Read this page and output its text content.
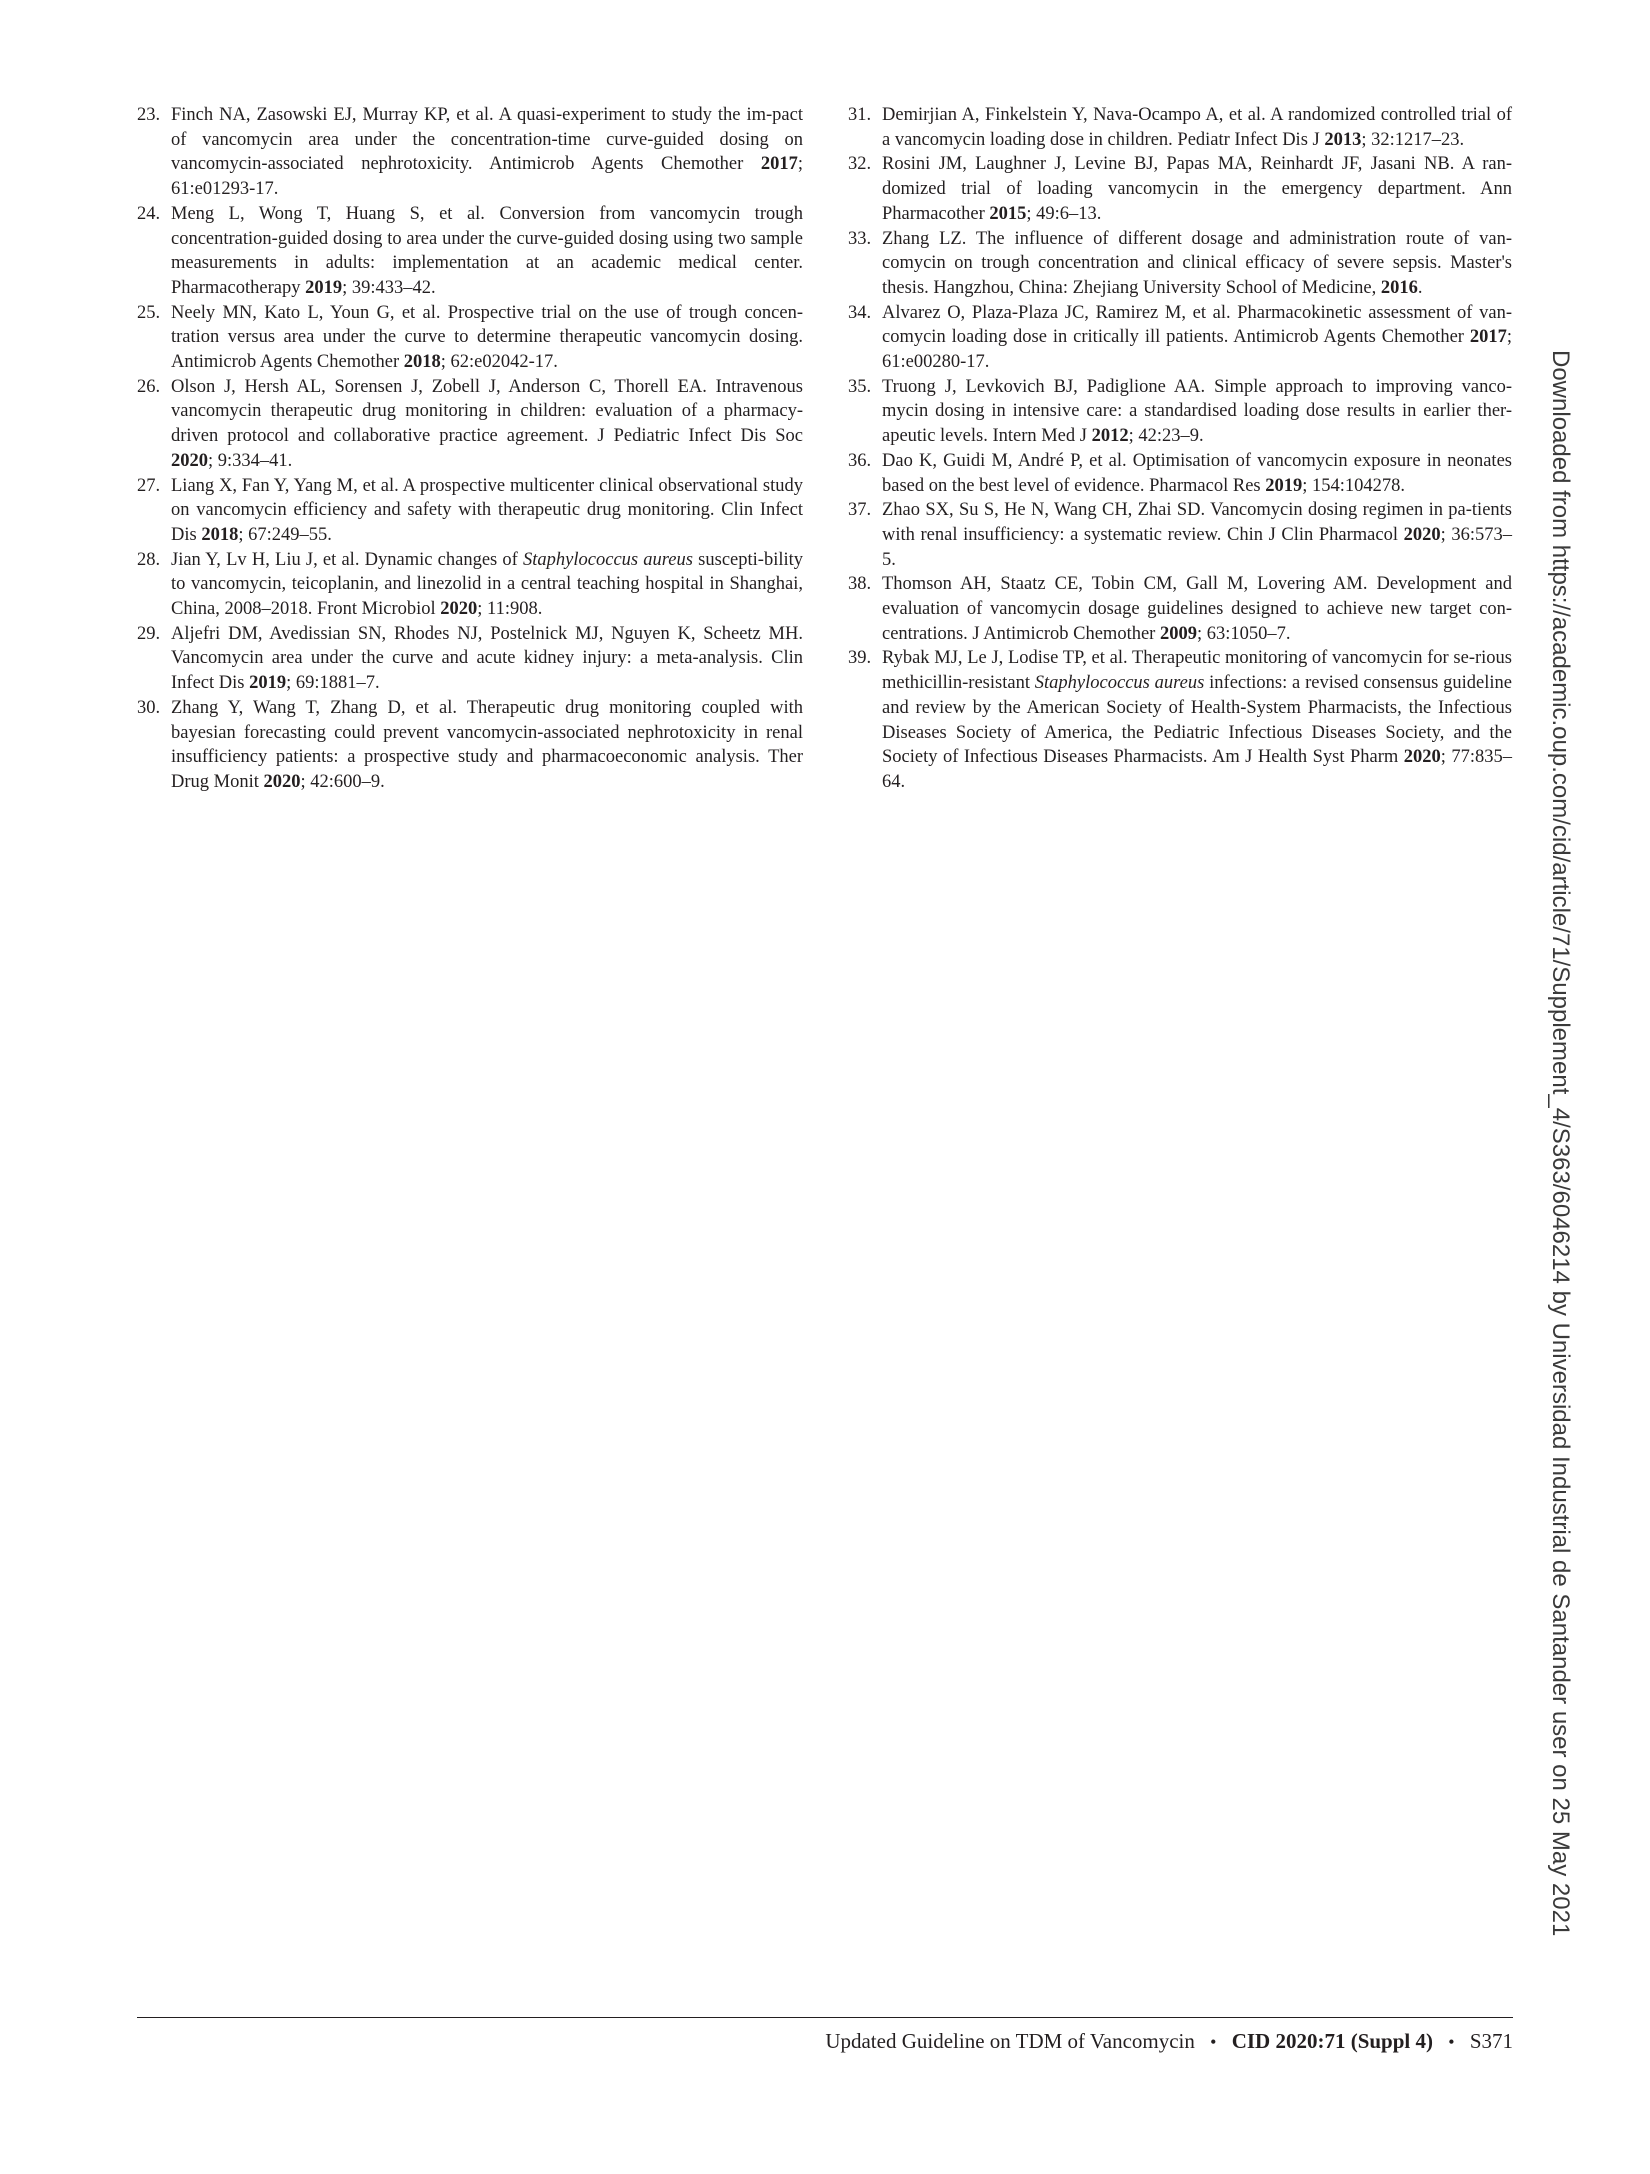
23. Finch NA, Zasowski EJ, Murray KP, et al. A quasi-experiment to study the im-pact of vancomycin area under the concentration-time curve-guided dosing on vancomycin-associated nephrotoxicity. Antimicrob Agents Chemother 2017; 61:e01293-17.
24. Meng L, Wong T, Huang S, et al. Conversion from vancomycin trough concentration-guided dosing to area under the curve-guided dosing using two sample measurements in adults: implementation at an academic medical center. Pharmacotherapy 2019; 39:433–42.
25. Neely MN, Kato L, Youn G, et al. Prospective trial on the use of trough concen-tration versus area under the curve to determine therapeutic vancomycin dosing. Antimicrob Agents Chemother 2018; 62:e02042-17.
26. Olson J, Hersh AL, Sorensen J, Zobell J, Anderson C, Thorell EA. Intravenous vancomycin therapeutic drug monitoring in children: evaluation of a pharmacy-driven protocol and collaborative practice agreement. J Pediatric Infect Dis Soc 2020; 9:334–41.
27. Liang X, Fan Y, Yang M, et al. A prospective multicenter clinical observational study on vancomycin efficiency and safety with therapeutic drug monitoring. Clin Infect Dis 2018; 67:249–55.
28. Jian Y, Lv H, Liu J, et al. Dynamic changes of Staphylococcus aureus suscepti-bility to vancomycin, teicoplanin, and linezolid in a central teaching hospital in Shanghai, China, 2008–2018. Front Microbiol 2020; 11:908.
29. Aljefri DM, Avedissian SN, Rhodes NJ, Postelnick MJ, Nguyen K, Scheetz MH. Vancomycin area under the curve and acute kidney injury: a meta-analysis. Clin Infect Dis 2019; 69:1881–7.
30. Zhang Y, Wang T, Zhang D, et al. Therapeutic drug monitoring coupled with bayesian forecasting could prevent vancomycin-associated nephrotoxicity in renal insufficiency patients: a prospective study and pharmacoeconomic analysis. Ther Drug Monit 2020; 42:600–9.
31. Demirjian A, Finkelstein Y, Nava-Ocampo A, et al. A randomized controlled trial of a vancomycin loading dose in children. Pediatr Infect Dis J 2013; 32:1217–23.
32. Rosini JM, Laughner J, Levine BJ, Papas MA, Reinhardt JF, Jasani NB. A ran-domized trial of loading vancomycin in the emergency department. Ann Pharmacother 2015; 49:6–13.
33. Zhang LZ. The influence of different dosage and administration route of van-comycin on trough concentration and clinical efficacy of severe sepsis. Master's thesis. Hangzhou, China: Zhejiang University School of Medicine, 2016.
34. Alvarez O, Plaza-Plaza JC, Ramirez M, et al. Pharmacokinetic assessment of van-comycin loading dose in critically ill patients. Antimicrob Agents Chemother 2017; 61:e00280-17.
35. Truong J, Levkovich BJ, Padiglione AA. Simple approach to improving vanco-mycin dosing in intensive care: a standardised loading dose results in earlier ther-apeutic levels. Intern Med J 2012; 42:23–9.
36. Dao K, Guidi M, André P, et al. Optimisation of vancomycin exposure in neonates based on the best level of evidence. Pharmacol Res 2019; 154:104278.
37. Zhao SX, Su S, He N, Wang CH, Zhai SD. Vancomycin dosing regimen in pa-tients with renal insufficiency: a systematic review. Chin J Clin Pharmacol 2020; 36:573–5.
38. Thomson AH, Staatz CE, Tobin CM, Gall M, Lovering AM. Development and evaluation of vancomycin dosage guidelines designed to achieve new target con-centrations. J Antimicrob Chemother 2009; 63:1050–7.
39. Rybak MJ, Le J, Lodise TP, et al. Therapeutic monitoring of vancomycin for se-rious methicillin-resistant Staphylococcus aureus infections: a revised consensus guideline and review by the American Society of Health-System Pharmacists, the Infectious Diseases Society of America, the Pediatric Infectious Diseases Society, and the Society of Infectious Diseases Pharmacists. Am J Health Syst Pharm 2020; 77:835–64.
Updated Guideline on TDM of Vancomycin • CID 2020:71 (Suppl 4) • S371
Downloaded from https://academic.oup.com/cid/article/71/Supplement_4/S363/6046214 by Universidad Industrial de Santander user on 25 May 2021
